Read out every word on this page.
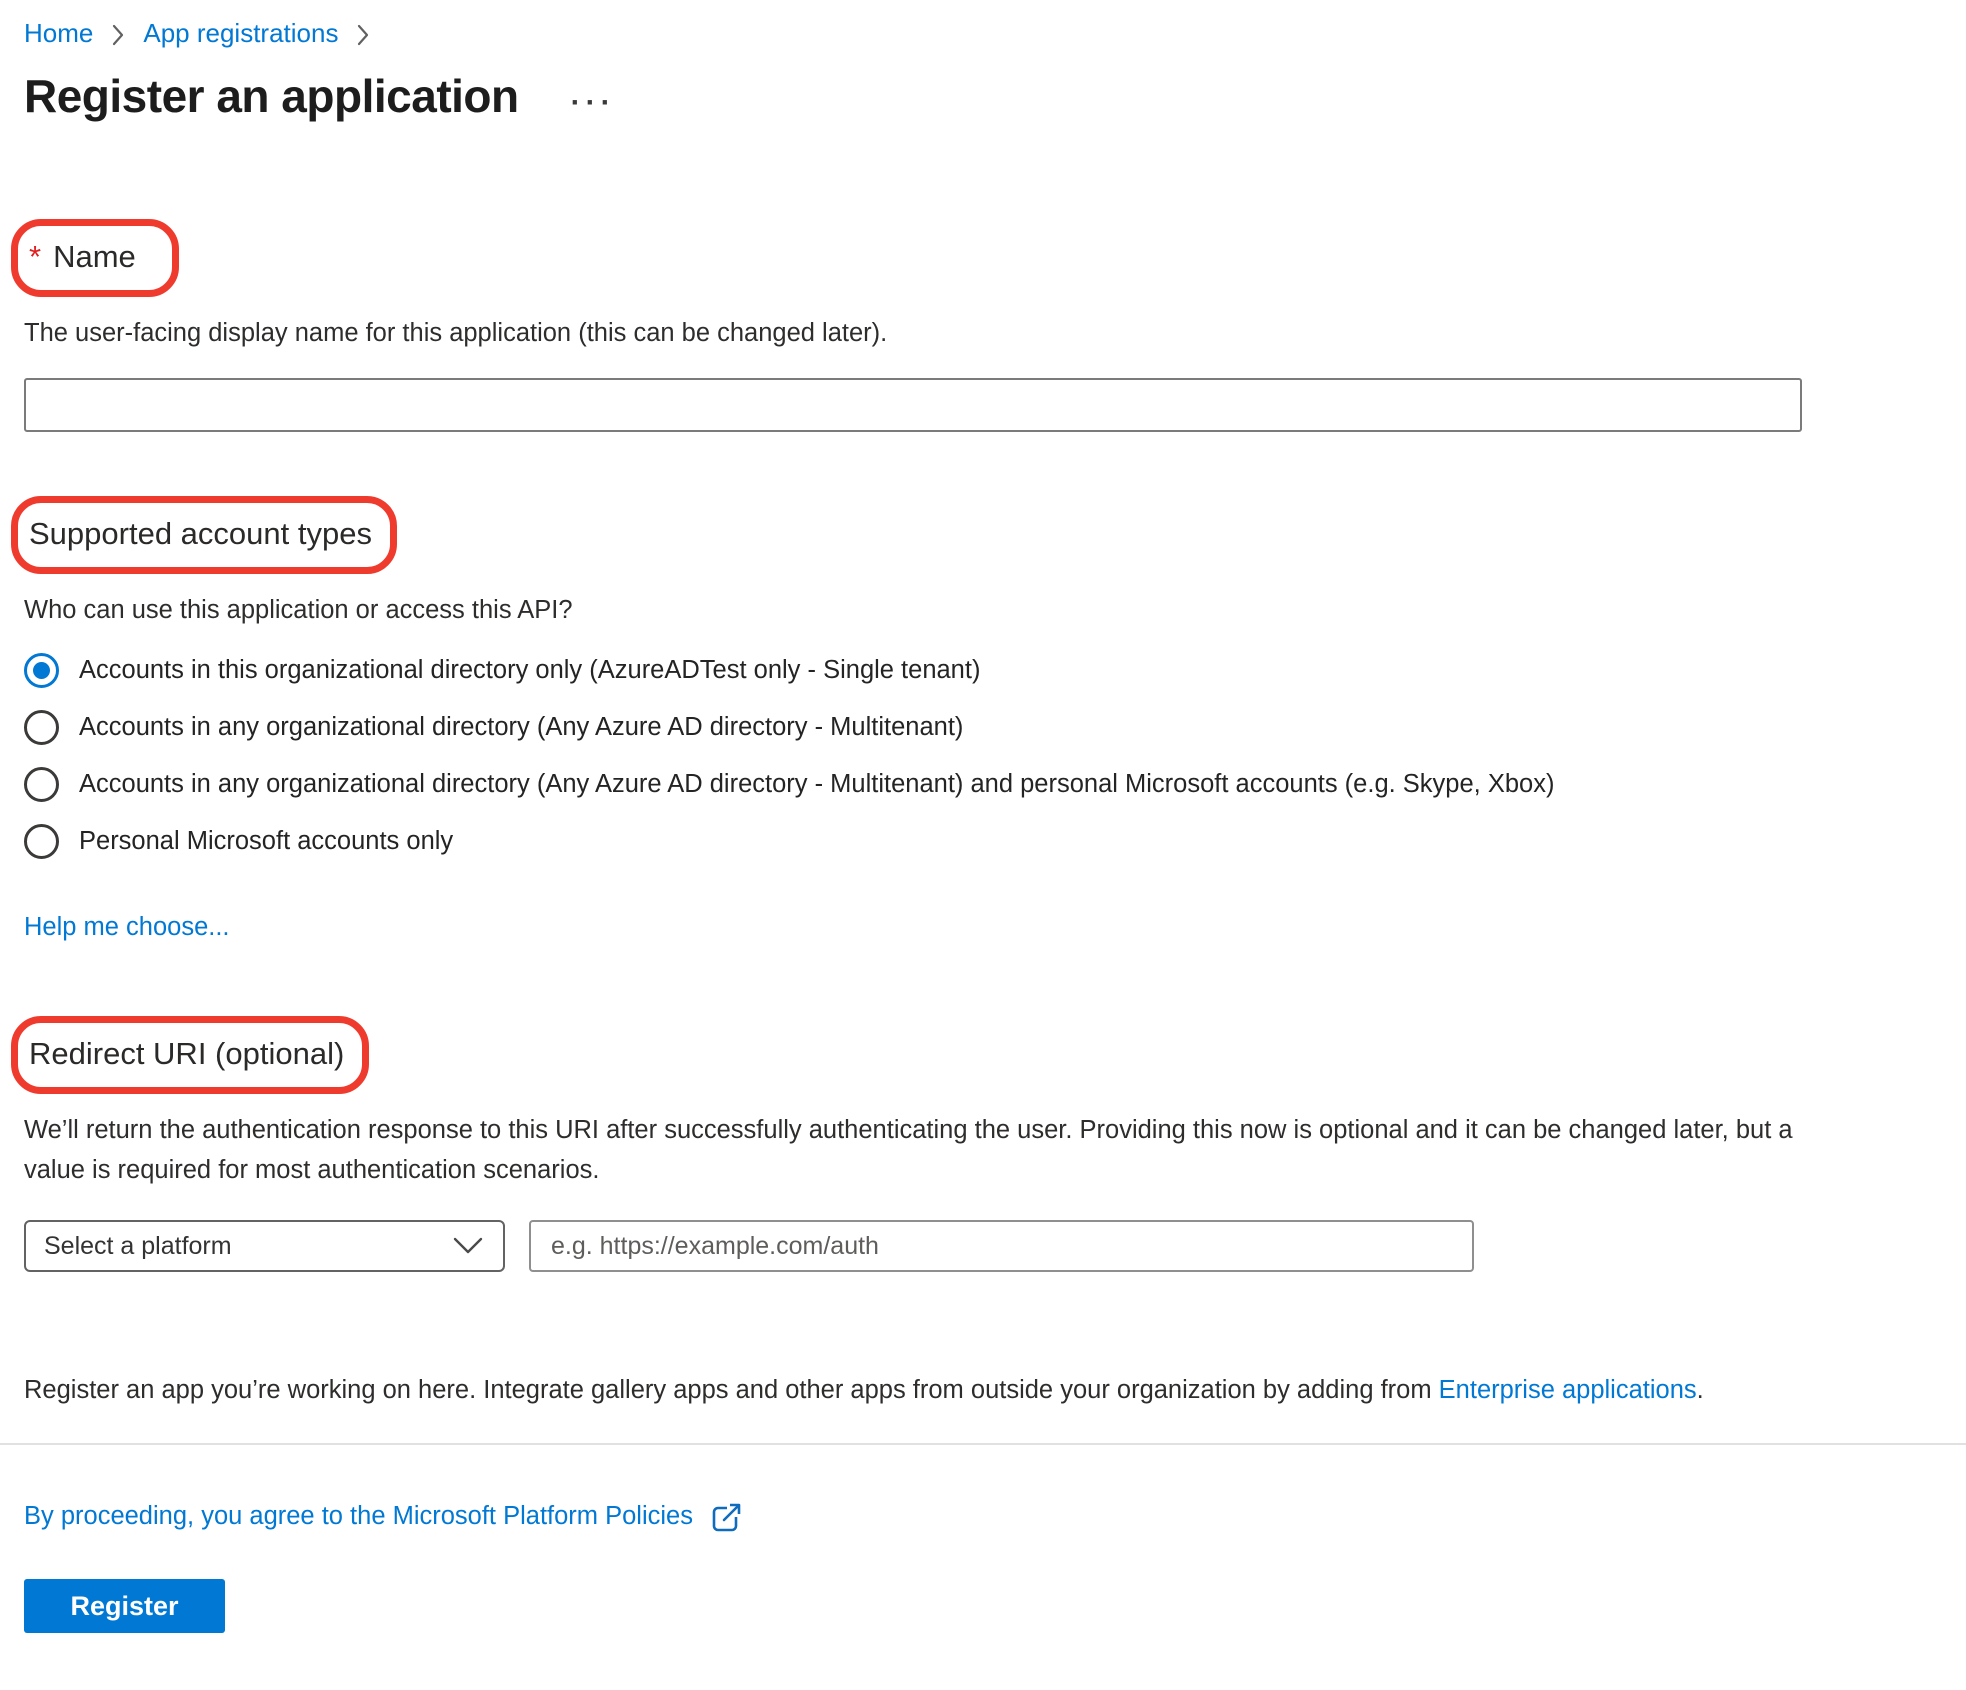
Home App registrations
Register an application ···
* Name

The user-facing display name for this application (this can be changed later).

Supported account types

Who can use this application or access this API?

Accounts in this organizational directory only (AzureADTest only - Single tenant)
Accounts in any organizational directory (Any Azure AD directory - Multitenant)
Accounts in any organizational directory (Any Azure AD directory - Multitenant) and personal Microsoft accounts (e.g. Skype, Xbox)
Personal Microsoft accounts only
Help me choose...
Redirect URI (optional)

We’ll return the authentication response to this URI after successfully authenticating the user. Providing this now is optional and it can be changed later, but a value is required for most authentication scenarios.

Select a platform
e.g. https://example.com/auth

Register an app you’re working on here. Integrate gallery apps and other apps from outside your organization by adding from Enterprise applications.

By proceeding, you agree to the Microsoft Platform Policies
Register
